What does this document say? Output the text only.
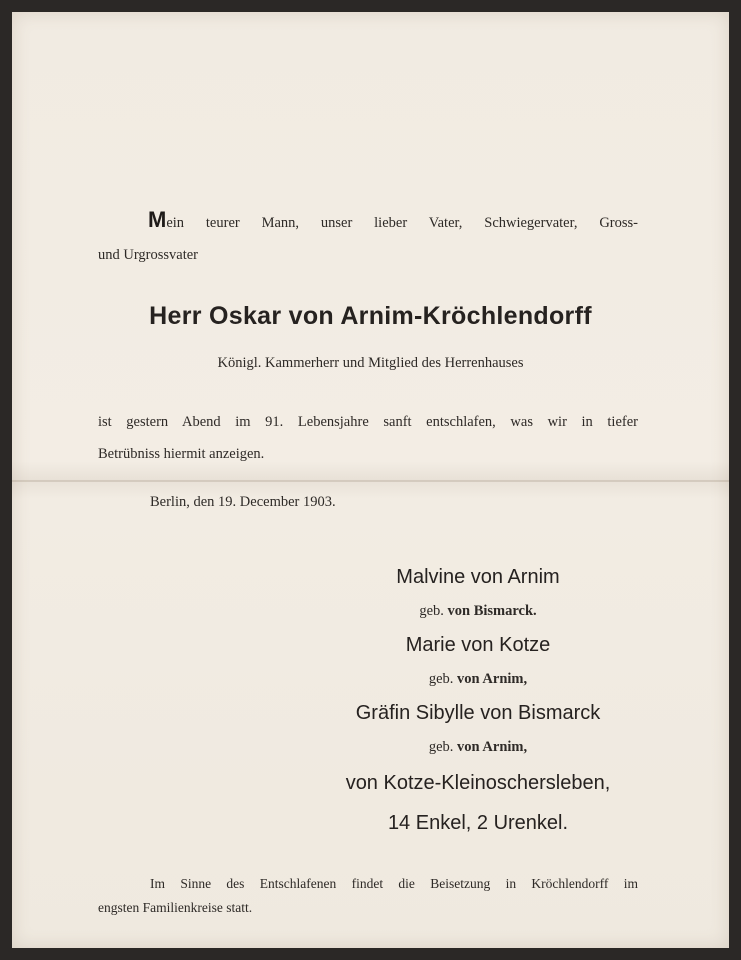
Mein teurer Mann, unser lieber Vater, Schwiegervater, Gross-
und Urgrossvater
Herr Oskar von Arnim-Kröchlendorff
Königl. Kammerherr und Mitglied des Herrenhauses
ist gestern Abend im 91. Lebensjahre sanft entschlafen, was wir in tiefer
Betrübniss hiermit anzeigen.
Berlin, den 19. December 1903.
Malvine von Arnim
geb. von Bismarck.
Marie von Kotze
geb. von Arnim,
Gräfin Sibylle von Bismarck
geb. von Arnim,
von Kotze-Kleinoschersleben,
14 Enkel, 2 Urenkel.
Im Sinne des Entschlafenen findet die Beisetzung in Kröchlendorff im
engsten Familienkreise statt.
